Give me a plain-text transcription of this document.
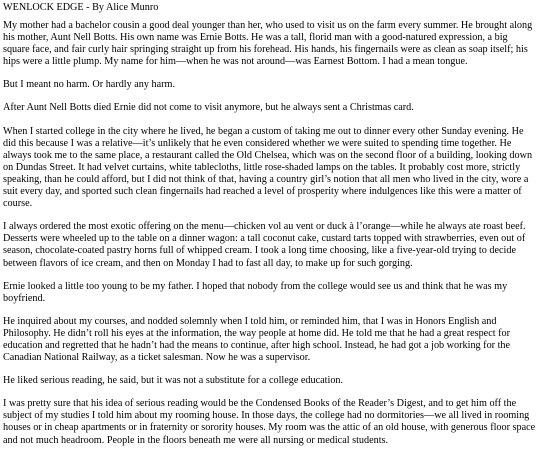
WENLOCK EDGE - By Alice Munro

My mother had a bachelor cousin a good deal younger than her, who used to visit us on the farm every summer. He brought along his mother, Aunt Nell Botts. His own name was Ernie Botts. He was a tall, florid man with a good-natured expression, a big square face, and fair curly hair springing straight up from his forehead. His hands, his fingernails were as clean as soap itself; his hips were a little plump. My name for him—when he was not around—was Earnest Bottom. I had a mean tongue.

But I meant no harm. Or hardly any harm.

After Aunt Nell Botts died Ernie did not come to visit anymore, but he always sent a Christmas card.

When I started college in the city where he lived, he began a custom of taking me out to dinner every other Sunday evening. He did this because I was a relative—it’s unlikely that he even considered whether we were suited to spending time together. He always took me to the same place, a restaurant called the Old Chelsea, which was on the second floor of a building, looking down on Dundas Street. It had velvet curtains, white tablecloths, little rose-shaded lamps on the tables. It probably cost more, strictly speaking, than he could afford, but I did not think of that, having a country girl’s notion that all men who lived in the city, wore a suit every day, and sported such clean fingernails had reached a level of prosperity where indulgences like this were a matter of course.

I always ordered the most exotic offering on the menu—chicken vol au vent or duck à l’orange—while he always ate roast beef. Desserts were wheeled up to the table on a dinner wagon: a tall coconut cake, custard tarts topped with strawberries, even out of season, chocolate-coated pastry horns full of whipped cream. I took a long time choosing, like a five-year-old trying to decide between flavors of ice cream, and then on Monday I had to fast all day, to make up for such gorging.

Ernie looked a little too young to be my father. I hoped that nobody from the college would see us and think that he was my boyfriend.

He inquired about my courses, and nodded solemnly when I told him, or reminded him, that I was in Honors English and Philosophy. He didn’t roll his eyes at the information, the way people at home did. He told me that he had a great respect for education and regretted that he hadn’t had the means to continue, after high school. Instead, he had got a job working for the Canadian National Railway, as a ticket salesman. Now he was a supervisor.

He liked serious reading, he said, but it was not a substitute for a college education.

I was pretty sure that his idea of serious reading would be the Condensed Books of the Reader’s Digest, and to get him off the subject of my studies I told him about my rooming house. In those days, the college had no dormitories—we all lived in rooming houses or in cheap apartments or in fraternity or sorority houses. My room was the attic of an old house, with generous floor space and not much headroom. People in the floors beneath me were all nursing or medical students.
